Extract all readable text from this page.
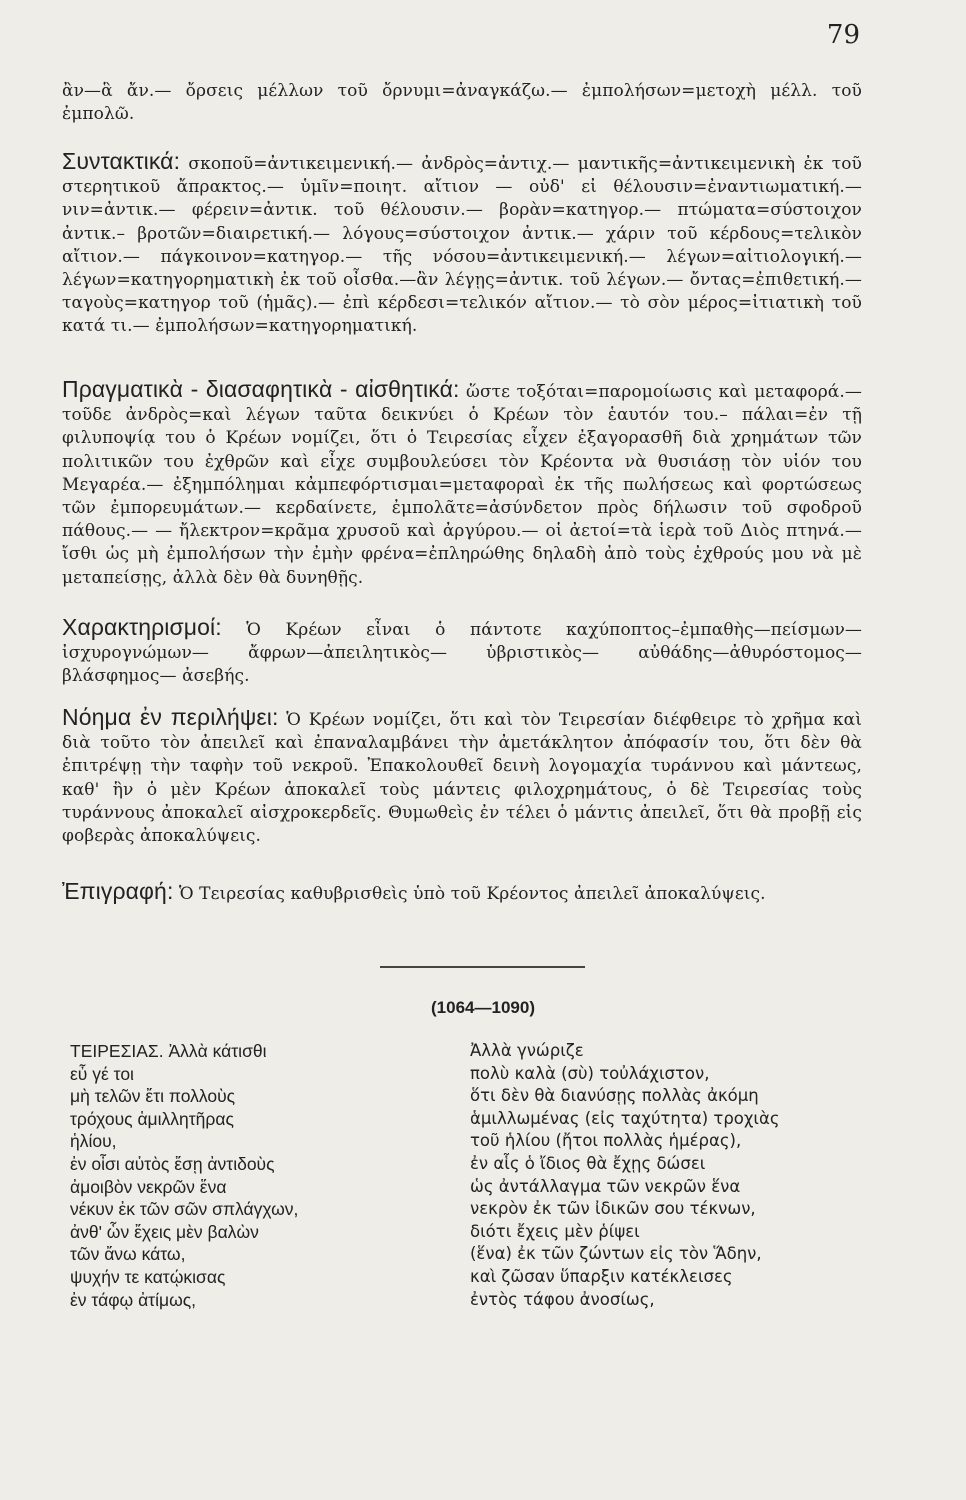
79
ἂν—ἃ ἄν.— ὄρσεις μέλλων τοῦ ὄρνυμι=ἀναγκάζω.— ἐμπολήσων=μετοχὴ μέλλ. τοῦ ἐμπολῶ.
Συντακτικά: σκοποῦ=ἀντικειμενική.— ἀνδρὸς=ἀντιχ.— μαντικῆς=ἀντικειμενικὴ ἐκ τοῦ στερητικοῦ ἄπρακτος.— ὑμῖν=ποιητ. αἴτιον — οὐδ' εἰ θέλουσιν=ἐναντιωματική.— νιν=ἀντικ.— φέρειν=ἀντικ. τοῦ θέλουσιν.— βορὰν=κατηγορ.— πτώματα=σύστοιχον ἀντικ.– βροτῶν=διαιρετική.— λόγους=σύστοιχον ἀντικ.— χάριν τοῦ κέρδους=τελικὸν αἴτιον.— πάγκοινον=κατηγορ.— τῆς νόσου=ἀντικειμενική.— λέγων=αἰτιολογική.— λέγων=κατηγορηματικὴ ἐκ τοῦ οἶσθα.—ἂν λέγῃς=ἀντικ. τοῦ λέγων.— ὄντας=ἐπιθετική.— ταγοὺς=κατηγορ τοῦ (ἡμᾶς).— ἐπὶ κέρδεσι=τελικόν αἴτιον.— τὸ σὸν μέρος=ἰτιατικὴ τοῦ κατά τι.— ἐμπολήσων=κατηγορηματική.
Πραγματικὰ - διασαφητικὰ - αἰσθητικά: ὥστε τοξόται=παρομοίωσις καὶ μεταφορά.— τοῦδε ἀνδρὸς=καὶ λέγων ταῦτα δεικνύει ὁ Κρέων τὸν ἑαυτόν του.– πάλαι=ἐν τῇ φιλυποψίᾳ του ὁ Κρέων νομίζει, ὅτι ὁ Τειρεσίας εἶχεν ἐξαγορασθῆ διὰ χρημάτων τῶν πολιτικῶν του ἐχθρῶν καὶ εἶχε συμβουλεύσει τὸν Κρέοντα νὰ θυσιάσῃ τὸν υἱόν του Μεγαρέα.— ἐξημπόλημαι κἀμπεφόρτισμαι=μεταφοραὶ ἐκ τῆς πωλήσεως καὶ φορτώσεως τῶν ἐμπορευμάτων.— κερδαίνετε, ἐμπολᾶτε=ἀσύνδετον πρὸς δήλωσιν τοῦ σφοδροῦ πάθους.— — ἤλεκτρον=κρᾶμα χρυσοῦ καὶ ἀργύρου.— οἱ ἀετοί=τὰ ἱερὰ τοῦ Διὸς πτηνά.— ἴσθι ὡς μὴ ἐμπολήσων τὴν ἐμὴν φρένα=ἐπληρώθης δηλαδὴ ἀπὸ τοὺς ἐχθρούς μου νὰ μὲ μεταπείσῃς, ἀλλὰ δὲν θὰ δυνηθῇς.
Χαρακτηρισμοί: Ὁ Κρέων εἶναι ὁ πάντοτε καχύποπτος–ἐμπαθὴς—πείσμων— ἰσχυρογνώμων— ἄφρων—ἀπειλητικὸς— ὑβριστικὸς— αὐθάδης—ἀθυρόστομος— βλάσφημος— ἀσεβής.
Νόημα ἐν περιλήψει: Ὁ Κρέων νομίζει, ὅτι καὶ τὸν Τειρεσίαν διέφθειρε τὸ χρῆμα καὶ διὰ τοῦτο τὸν ἀπειλεῖ καὶ ἐπαναλαμβάνει τὴν ἀμετάκλητον ἀπόφασίν του, ὅτι δὲν θὰ ἐπιτρέψῃ τὴν ταφὴν τοῦ νεκροῦ. Ἐπακολουθεῖ δεινὴ λογομαχία τυράννου καὶ μάντεως, καθ' ἣν ὁ μὲν Κρέων ἀποκαλεῖ τοὺς μάντεις φιλοχρημάτους, ὁ δὲ Τειρεσίας τοὺς τυράννους ἀποκαλεῖ αἰσχροκερδεῖς. Θυμωθεὶς ἐν τέλει ὁ μάντις ἀπειλεῖ, ὅτι θὰ προβῇ εἰς φοβερὰς ἀποκαλύψεις.
Ἐπιγραφή: Ὁ Τειρεσίας καθυβρισθεὶς ὑπὸ τοῦ Κρέοντος ἀπειλεῖ ἀποκαλύψεις.
(1064—1090)
ΤΕΙΡΕΣΙΑΣ. Ἀλλὰ κάτισθι
εὖ γέ τοι
μὴ τελῶν ἔτι πολλοὺς
τρόχους ἁμιλλητῆρας
ἡλίου,
ἐν οἷσι αὐτὸς ἔσῃ ἀντιδοὺς
ἀμοιβὸν νεκρῶν ἕνα
νέκυν ἐκ τῶν σῶν σπλάγχων,
ἀνθ' ὧν ἔχεις μὲν βαλὼν
τῶν ἄνω κάτω,
ψυχήν τε κατῴκισας
ἐν τάφῳ ἀτίμως,
Ἀλλὰ γνώριζε
πολὺ καλὰ (σὺ) τοὐλάχιστον,
ὅτι δὲν θὰ διανύσῃς πολλὰς ἀκόμη
ἁμιλλωμένας (εἰς ταχύτητα) τροχιὰς
τοῦ ἡλίου (ἤτοι πολλὰς ἡμέρας),
ἐν αἷς ὁ ἴδιος θὰ ἔχῃς δώσει
ὡς ἀντάλλαγμα τῶν νεκρῶν ἕνα
νεκρὸν ἐκ τῶν ἰδικῶν σου τέκνων,
διότι ἔχεις μὲν ῥίψει
(ἕνα) ἐκ τῶν ζώντων εἰς τὸν Ἅδην,
καὶ ζῶσαν ὕπαρξιν κατέκλεισες
ἐντὸς τάφου ἀνοσίως,
